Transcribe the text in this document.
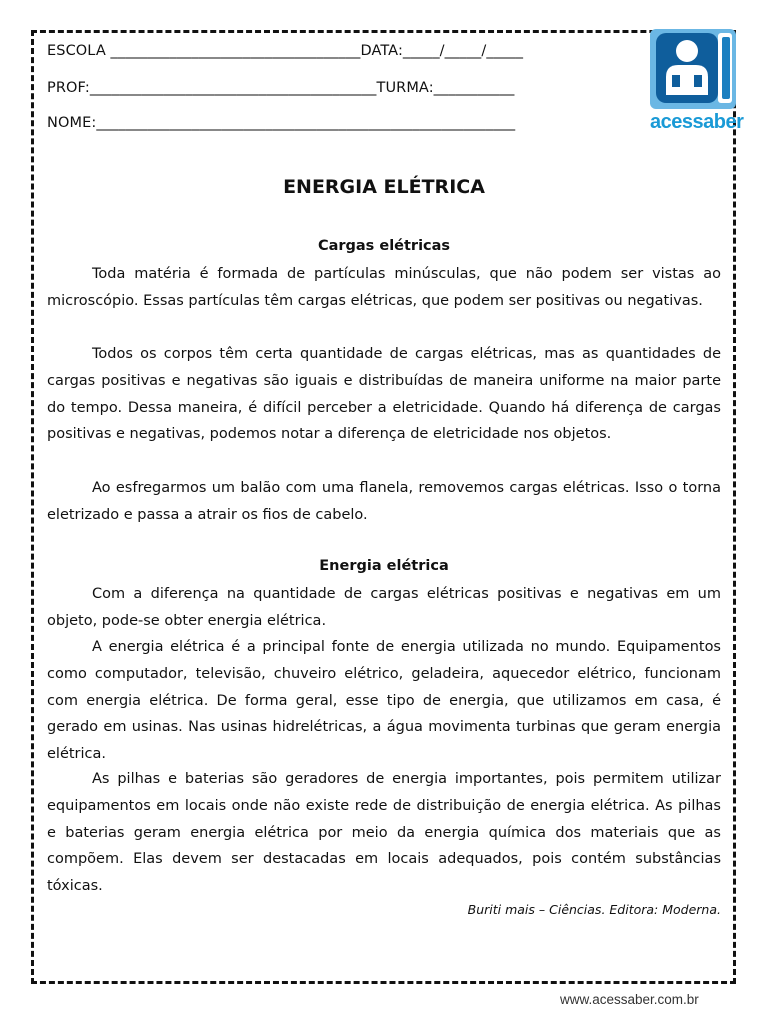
ESCOLA __________________________________DATA:_____/_____/_____
PROF:_______________________________________TURMA:___________
NOME:_________________________________________________________	acessaber
ENERGIA ELÉTRICA
Cargas elétricas

Toda matéria é formada de partículas minúsculas, que não podem ser vistas ao microscópio. Essas partículas têm cargas elétricas, que podem ser positivas ou negativas.

Todos os corpos têm certa quantidade de cargas elétricas, mas as quantidades de cargas positivas e negativas são iguais e distribuídas de maneira uniforme na maior parte do tempo. Dessa maneira, é difícil perceber a eletricidade. Quando há diferença de cargas positivas e negativas, podemos notar a diferença de eletricidade nos objetos.

Ao esfregarmos um balão com uma flanela, removemos cargas elétricas. Isso o torna eletrizado e passa a atrair os fios de cabelo.

Energia elétrica

Com a diferença na quantidade de cargas elétricas positivas e negativas em um objeto, pode-se obter energia elétrica.

A energia elétrica é a principal fonte de energia utilizada no mundo. Equipamentos como computador, televisão, chuveiro elétrico, geladeira, aquecedor elétrico, funcionam com energia elétrica. De forma geral, esse tipo de energia, que utilizamos em casa, é gerado em usinas. Nas usinas hidrelétricas, a água movimenta turbinas que geram energia elétrica.

As pilhas e baterias são geradores de energia importantes, pois permitem utilizar equipamentos em locais onde não existe rede de distribuição de energia elétrica. As pilhas e baterias geram energia elétrica por meio da energia química dos materiais que as compõem. Elas devem ser destacadas em locais adequados, pois contém substâncias tóxicas.

Buriti mais – Ciências. Editora: Moderna.
www.acessaber.com.br
